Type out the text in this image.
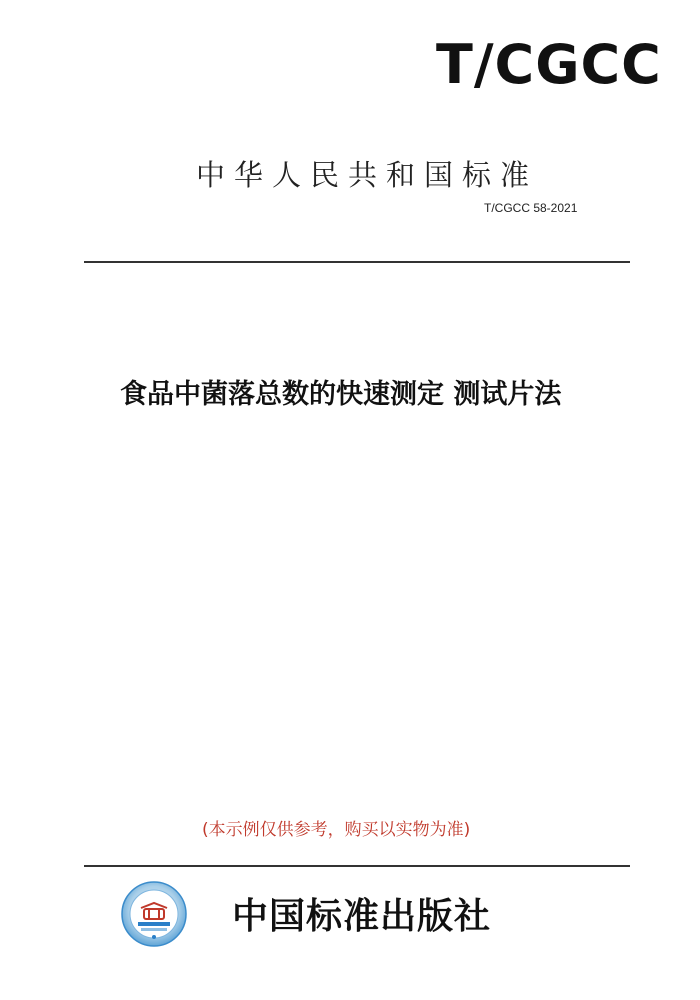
T/CGCC
中华人民共和国标准
T/CGCC 58-2021
食品中菌落总数的快速测定 测试片法
(本示例仅供参考，购买以实物为准)
中国标准出版社
